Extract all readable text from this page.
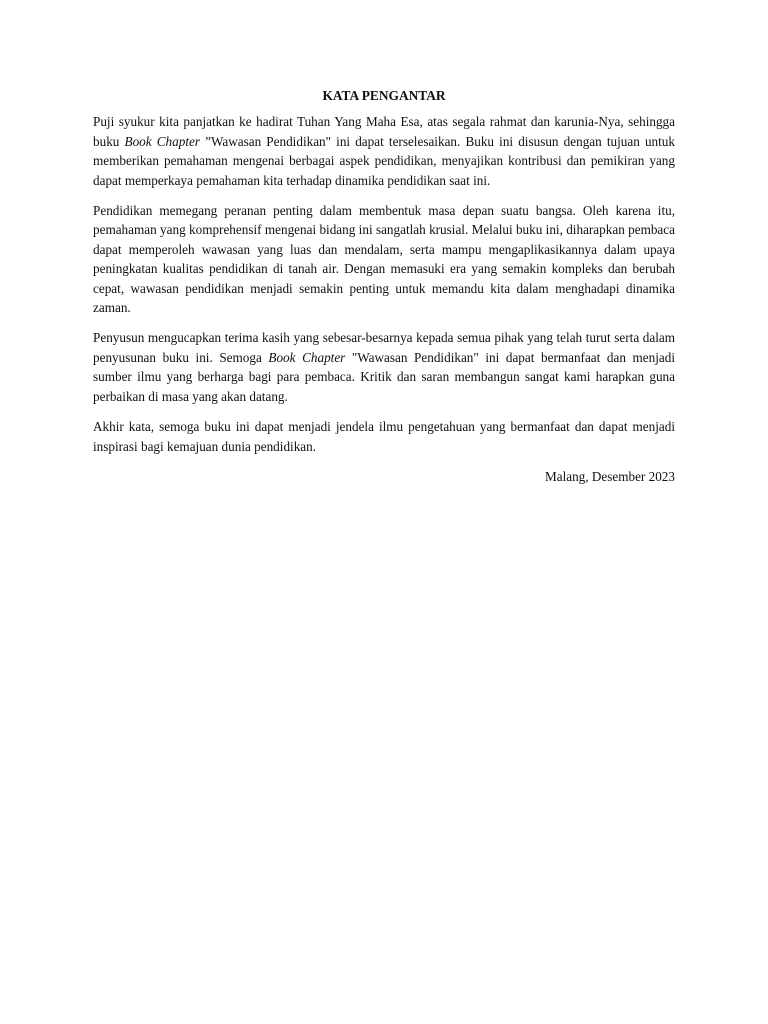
KATA PENGANTAR

Puji syukur kita panjatkan ke hadirat Tuhan Yang Maha Esa, atas segala rahmat dan karunia-Nya, sehingga buku Book Chapter ”Wawasan Pendidikan" ini dapat terselesaikan. Buku ini disusun dengan tujuan untuk memberikan pemahaman mengenai berbagai aspek pendidikan, menyajikan kontribusi dan pemikiran yang dapat memperkaya pemahaman kita terhadap dinamika pendidikan saat ini.

Pendidikan memegang peranan penting dalam membentuk masa depan suatu bangsa. Oleh karena itu, pemahaman yang komprehensif mengenai bidang ini sangatlah krusial. Melalui buku ini, diharapkan pembaca dapat memperoleh wawasan yang luas dan mendalam, serta mampu mengaplikasikannya dalam upaya peningkatan kualitas pendidikan di tanah air. Dengan memasuki era yang semakin kompleks dan berubah cepat, wawasan pendidikan menjadi semakin penting untuk memandu kita dalam menghadapi dinamika zaman.

Penyusun mengucapkan terima kasih yang sebesar-besarnya kepada semua pihak yang telah turut serta dalam penyusunan buku ini. Semoga Book Chapter "Wawasan Pendidikan" ini dapat bermanfaat dan menjadi sumber ilmu yang berharga bagi para pembaca. Kritik dan saran membangun sangat kami harapkan guna perbaikan di masa yang akan datang.

Akhir kata, semoga buku ini dapat menjadi jendela ilmu pengetahuan yang bermanfaat dan dapat menjadi inspirasi bagi kemajuan dunia pendidikan.

Malang, Desember 2023
